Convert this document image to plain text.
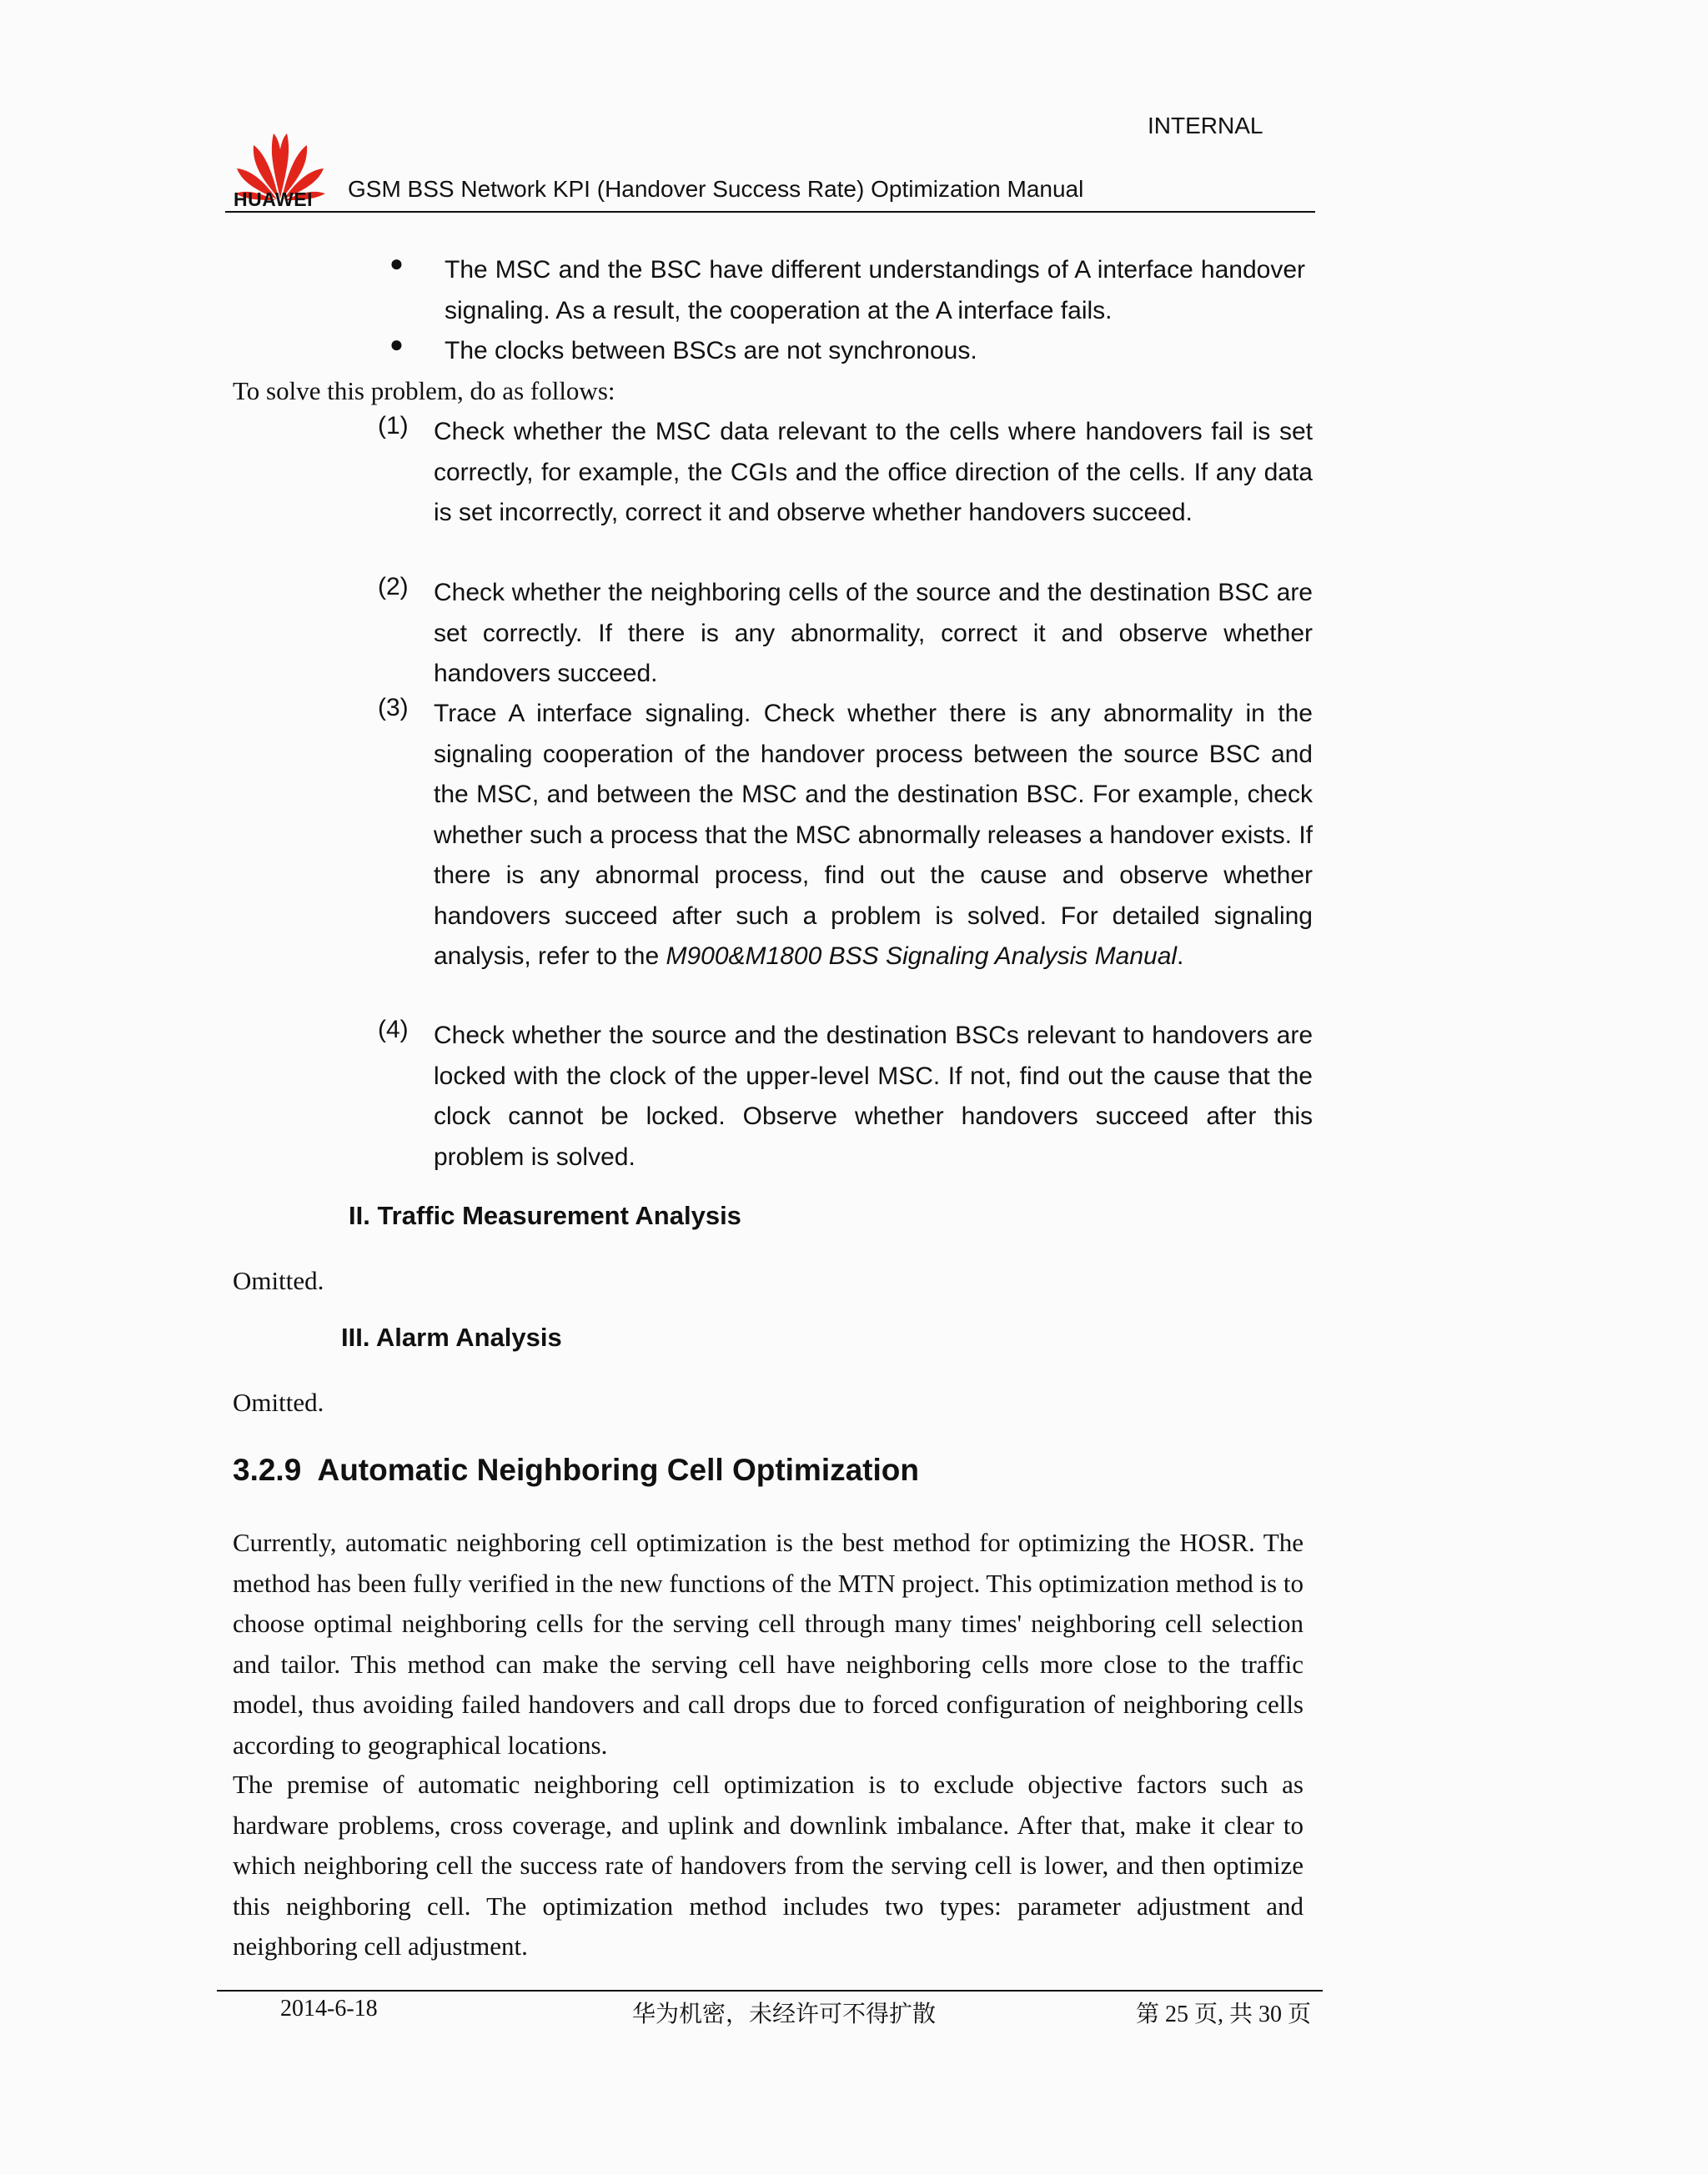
HUAWEI
INTERNAL
GSM BSS Network KPI (Handover Success Rate) Optimization Manual
● The MSC and the BSC have different understandings of A interface handover signaling. As a result, the cooperation at the A interface fails.
● The clocks between BSCs are not synchronous.
To solve this problem, do as follows:
(1) Check whether the MSC data relevant to the cells where handovers fail is set correctly, for example, the CGIs and the office direction of the cells. If any data is set incorrectly, correct it and observe whether handovers succeed.
(2) Check whether the neighboring cells of the source and the destination BSC are set correctly. If there is any abnormality, correct it and observe whether handovers succeed.
(3) Trace A interface signaling. Check whether there is any abnormality in the signaling cooperation of the handover process between the source BSC and the MSC, and between the MSC and the destination BSC. For example, check whether such a process that the MSC abnormally releases a handover exists. If there is any abnormal process, find out the cause and observe whether handovers succeed after such a problem is solved. For detailed signaling analysis, refer to the M900&M1800 BSS Signaling Analysis Manual.
(4) Check whether the source and the destination BSCs relevant to handovers are locked with the clock of the upper-level MSC. If not, find out the cause that the clock cannot be locked. Observe whether handovers succeed after this problem is solved.
II. Traffic Measurement Analysis
Omitted.
III. Alarm Analysis
Omitted.
3.2.9  Automatic Neighboring Cell Optimization
Currently, automatic neighboring cell optimization is the best method for optimizing the HOSR. The method has been fully verified in the new functions of the MTN project. This optimization method is to choose optimal neighboring cells for the serving cell through many times' neighboring cell selection and tailor. This method can make the serving cell have neighboring cells more close to the traffic model, thus avoiding failed handovers and call drops due to forced configuration of neighboring cells according to geographical locations.
The premise of automatic neighboring cell optimization is to exclude objective factors such as hardware problems, cross coverage, and uplink and downlink imbalance. After that, make it clear to which neighboring cell the success rate of handovers from the serving cell is lower, and then optimize this neighboring cell. The optimization method includes two types: parameter adjustment and neighboring cell adjustment.
2014-6-18	华为机密，未经许可不得扩散	第 25 页, 共 30 页
